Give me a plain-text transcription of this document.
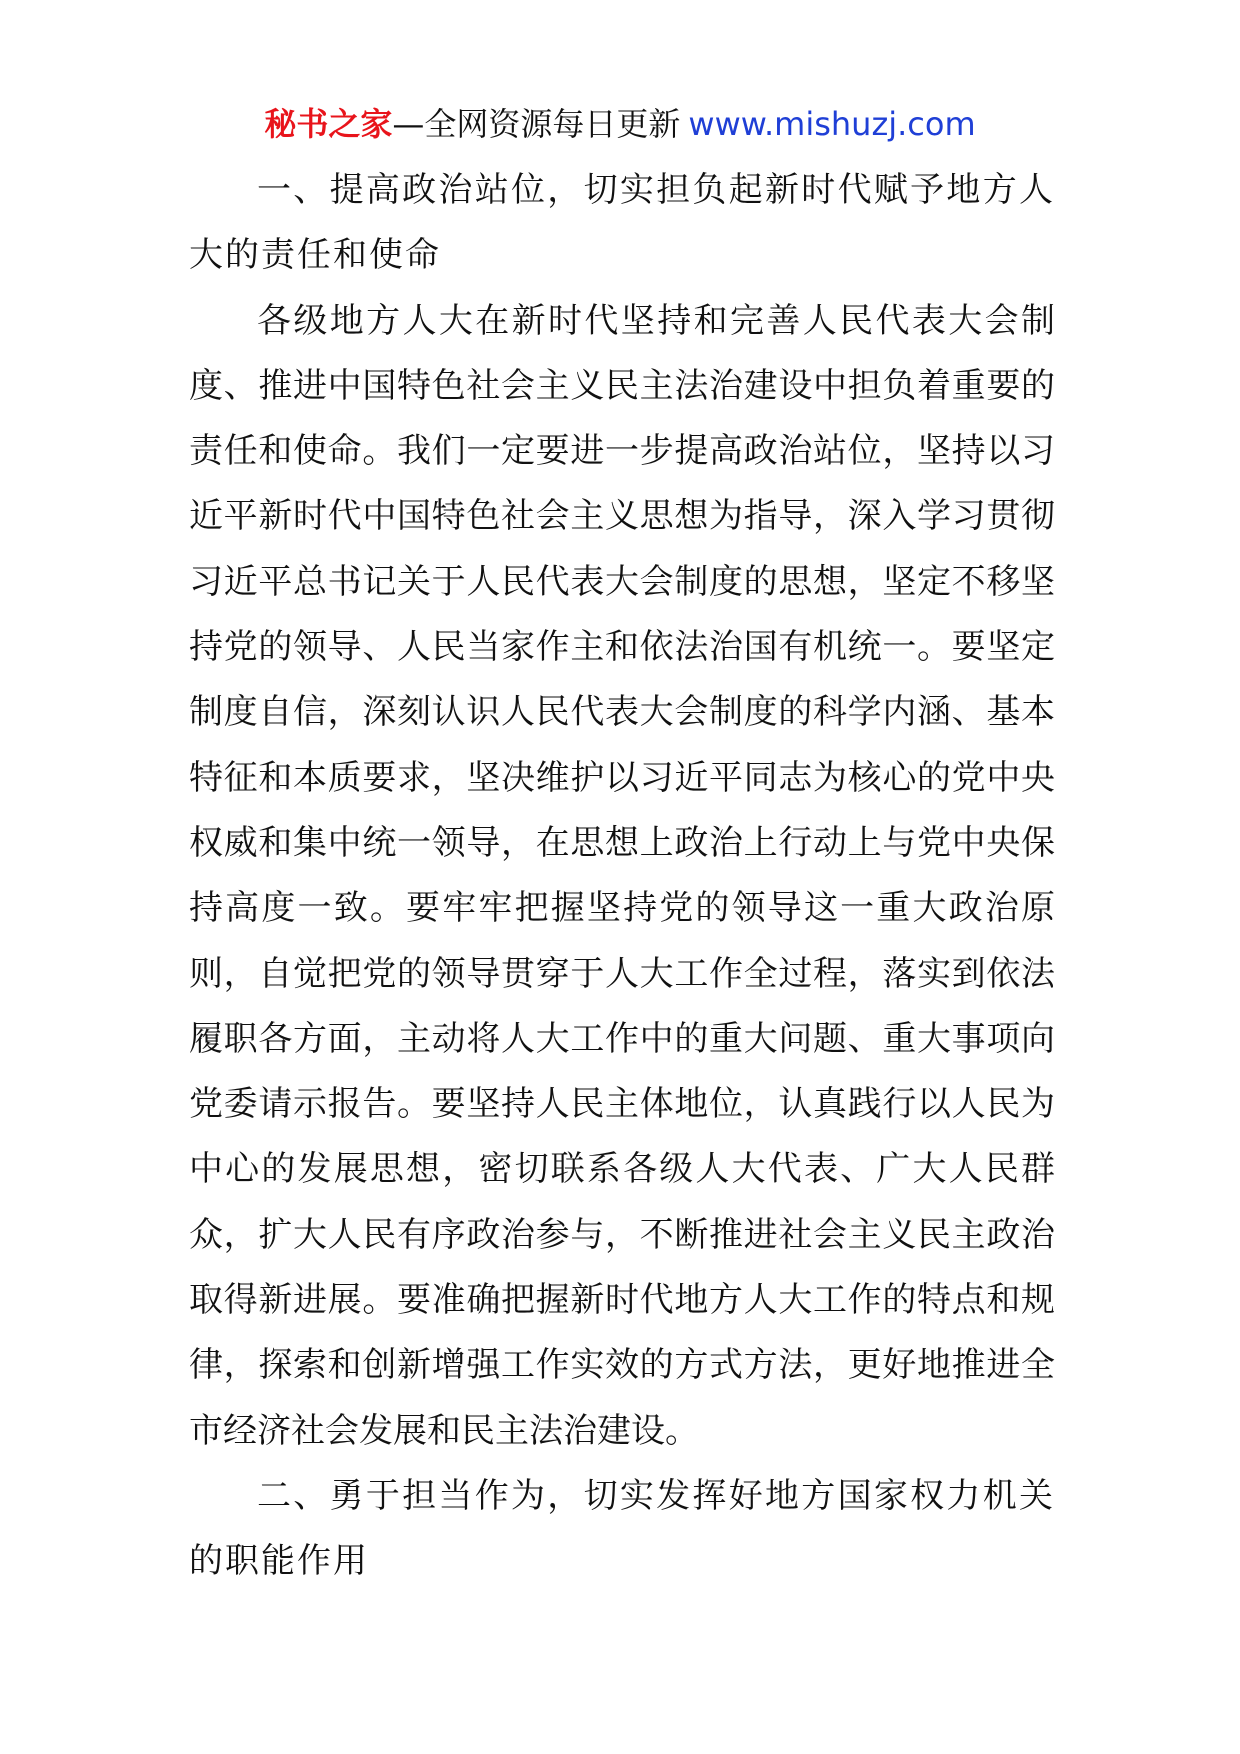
秘书之家—全网资源每日更新 www.mishuzj.com

一、提高政治站位，切实担负起新时代赋予地方人大的责任和使命

各级地方人大在新时代坚持和完善人民代表大会制度、推进中国特色社会主义民主法治建设中担负着重要的责任和使命。我们一定要进一步提高政治站位，坚持以习近平新时代中国特色社会主义思想为指导，深入学习贯彻习近平总书记关于人民代表大会制度的思想，坚定不移坚持党的领导、人民当家作主和依法治国有机统一。要坚定制度自信，深刻认识人民代表大会制度的科学内涵、基本特征和本质要求，坚决维护以习近平同志为核心的党中央权威和集中统一领导，在思想上政治上行动上与党中央保持高度一致。要牢牢把握坚持党的领导这一重大政治原则，自觉把党的领导贯穿于人大工作全过程，落实到依法履职各方面，主动将人大工作中的重大问题、重大事项向党委请示报告。要坚持人民主体地位，认真践行以人民为中心的发展思想，密切联系各级人大代表、广大人民群众，扩大人民有序政治参与，不断推进社会主义民主政治取得新进展。要准确把握新时代地方人大工作的特点和规律，探索和创新增强工作实效的方式方法，更好地推进全市经济社会发展和民主法治建设。

二、勇于担当作为，切实发挥好地方国家权力机关的职能作用
